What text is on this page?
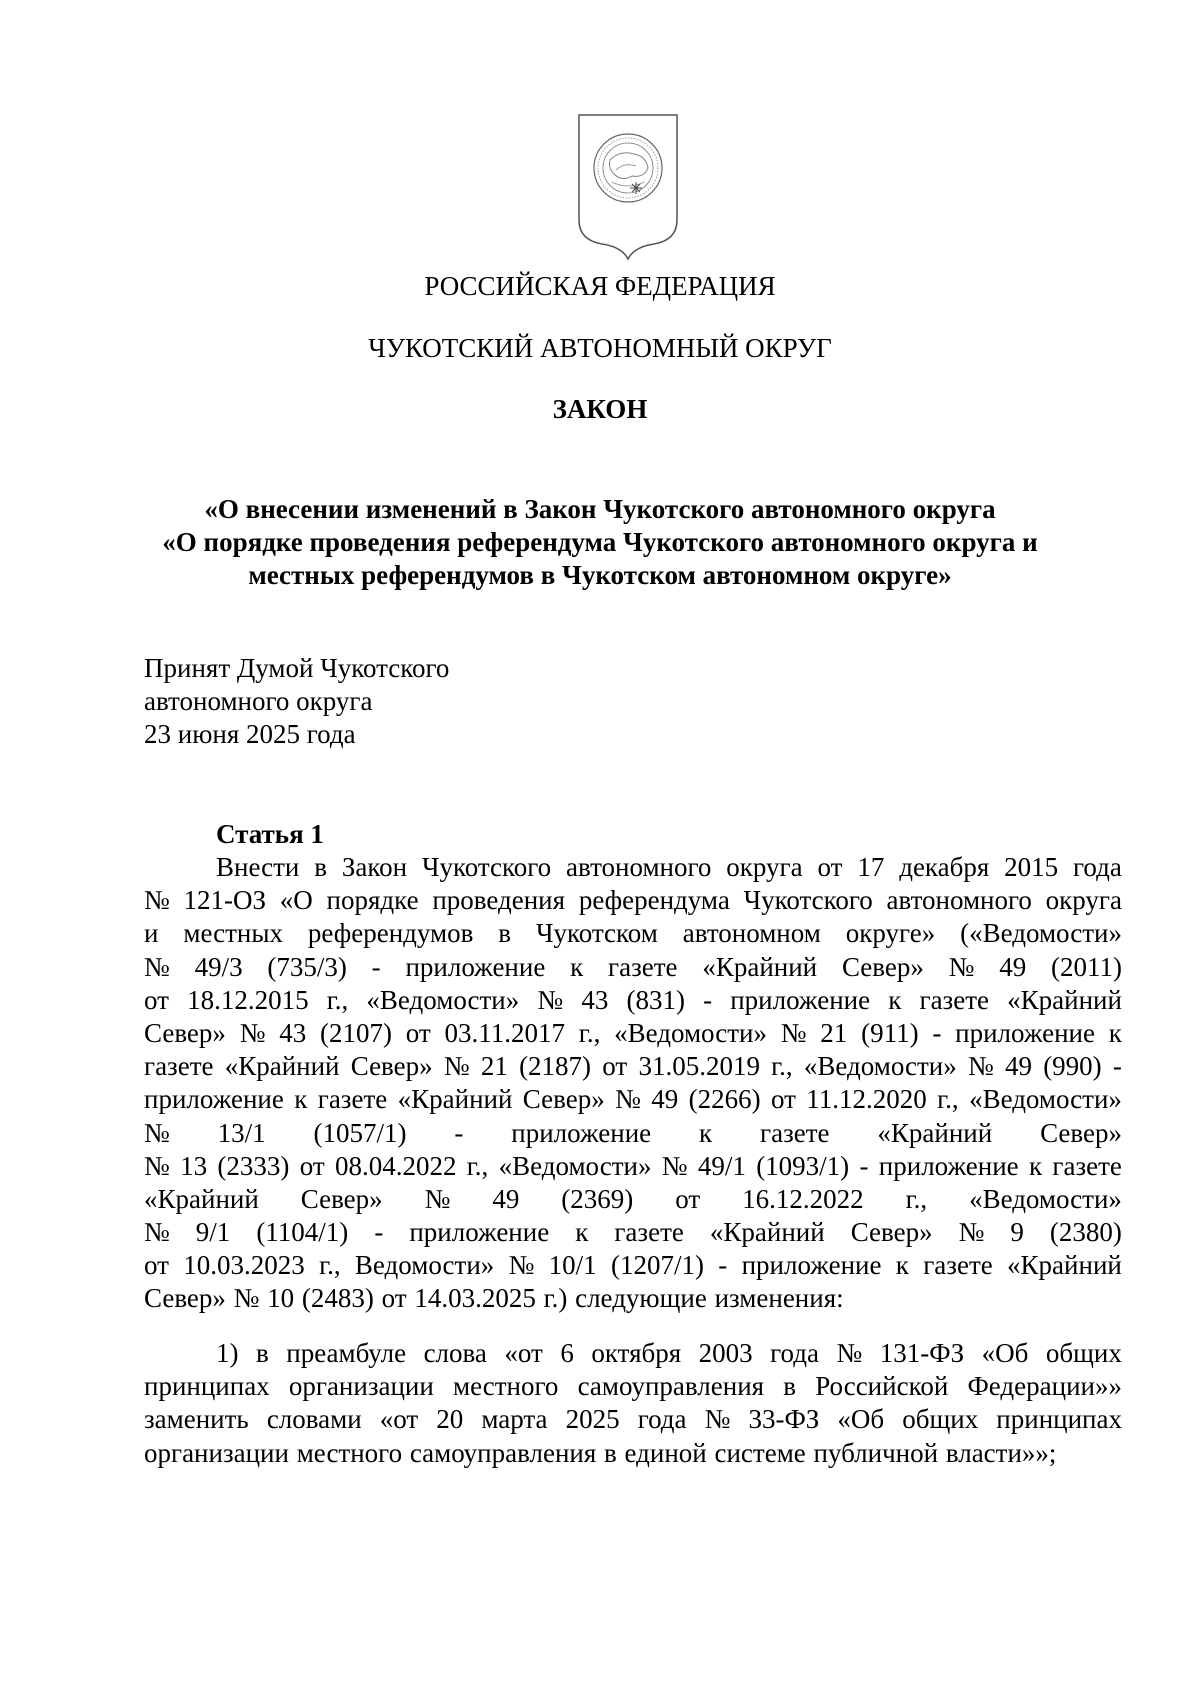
РОССИЙСКАЯ ФЕДЕРАЦИЯ
ЧУКОТСКИЙ АВТОНОМНЫЙ ОКРУГ
ЗАКОН
«О внесении изменений в Закон Чукотского автономного округа
«О порядке проведения референдума Чукотского автономного округа и
местных референдумов в Чукотском автономном округе»
Принят Думой Чукотского
автономного округа
23 июня 2025 года
Статья 1
Внести в Закон Чукотского автономного округа от 17 декабря 2015 года
№ 121-ОЗ «О порядке проведения референдума Чукотского автономного округа
и местных референдумов в Чукотском автономном округе» («Ведомости»
№ 49/3 (735/3) - приложение к газете «Крайний Север» № 49 (2011)
от 18.12.2015 г., «Ведомости» № 43 (831) - приложение к газете «Крайний
Север» № 43 (2107) от 03.11.2017 г., «Ведомости» № 21 (911) - приложение к
газете «Крайний Север» № 21 (2187) от 31.05.2019 г., «Ведомости» № 49 (990) -
приложение к газете «Крайний Север» № 49 (2266) от 11.12.2020 г., «Ведомости»
№ 13/1 (1057/1) - приложение к газете «Крайний Север»
№ 13 (2333) от 08.04.2022 г., «Ведомости» № 49/1 (1093/1) - приложение к газете
«Крайний Север» № 49 (2369) от 16.12.2022 г., «Ведомости»
№ 9/1 (1104/1) - приложение к газете «Крайний Север» № 9 (2380)
от 10.03.2023 г., Ведомости» № 10/1 (1207/1) - приложение к газете «Крайний
Север» № 10 (2483) от 14.03.2025 г.) следующие изменения:
1) в преамбуле слова «от 6 октября 2003 года № 131-ФЗ «Об общих
принципах организации местного самоуправления в Российской Федерации»»
заменить словами «от 20 марта 2025 года № 33-ФЗ «Об общих принципах
организации местного самоуправления в единой системе публичной власти»»;
